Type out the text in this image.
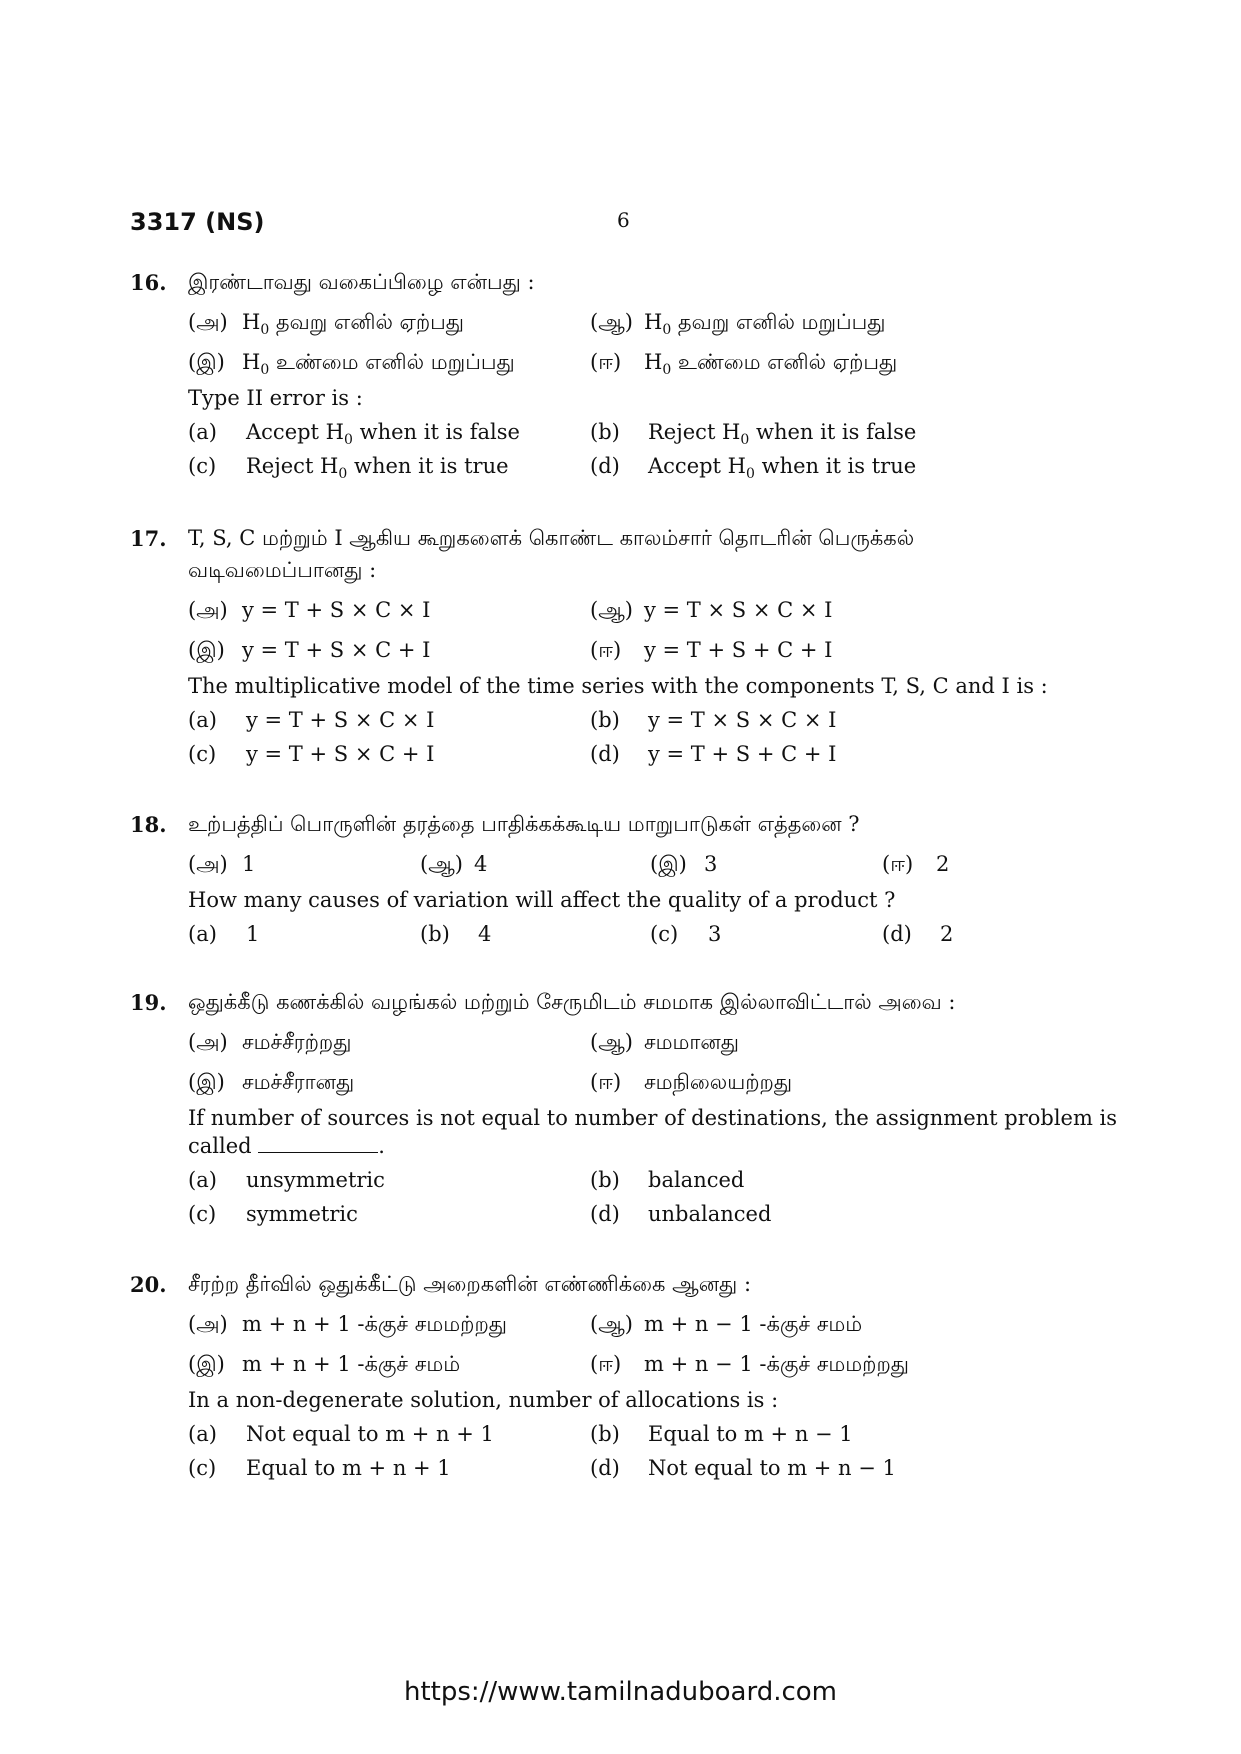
3317 (NS)	6
16. இரண்டாவது வகைப்பிழை என்பது :
(அ) $H_0$ தவறு எனில் ஏற்பது	(ஆ) $H_0$ தவறு எனில் மறுப்பது
(இ) $H_0$ உண்மை எனில் மறுப்பது	(ஈ) $H_0$ உண்மை எனில் ஏற்பது
Type II error is :
(a) Accept $H_0$ when it is false	(b) Reject $H_0$ when it is false
(c) Reject $H_0$ when it is true	(d) Accept $H_0$ when it is true
17. T, S, C மற்றும் I ஆகிய கூறுகளைக் கொண்ட காலம்சார் தொடரின் பெருக்கல்
வடிவமைப்பானது :
(அ) y = T + S × C × I	(ஆ) y = T × S × C × I
(இ) y = T + S × C + I	(ஈ) y = T + S + C + I
The multiplicative model of the time series with the components T, S, C and I is :
(a) y = T + S × C × I	(b) y = T × S × C × I
(c) y = T + S × C + I	(d) y = T + S + C + I
18. உற்பத்திப் பொருளின் தரத்தை பாதிக்கக்கூடிய மாறுபாடுகள் எத்தனை ?
(அ) 1	(ஆ) 4	(இ) 3	(ஈ) 2
How many causes of variation will affect the quality of a product ?
(a) 1	(b) 4	(c) 3	(d) 2
19. ஒதுக்கீடு கணக்கில் வழங்கல் மற்றும் சேருமிடம் சமமாக இல்லாவிட்டால் அவை :
(அ) சமச்சீரற்றது	(ஆ) சமமானது
(இ) சமச்சீரானது	(ஈ) சமநிலையற்றது
If number of sources is not equal to number of destinations, the assignment problem is
called	.
(a) unsymmetric	(b) balanced
(c) symmetric	(d) unbalanced
20. சீரற்ற தீர்வில் ஒதுக்கீட்டு அறைகளின் எண்ணிக்கை ஆனது :
(அ) m + n + 1 -க்குச் சமமற்றது	(ஆ) m + n − 1 -க்குச் சமம்
(இ) m + n + 1 -க்குச் சமம்	(ஈ) m + n − 1 -க்குச் சமமற்றது
In a non-degenerate solution, number of allocations is :
(a) Not equal to m + n + 1	(b) Equal to m + n − 1
(c) Equal to m + n + 1	(d) Not equal to m + n − 1
https://www.tamilnaduboard.com
